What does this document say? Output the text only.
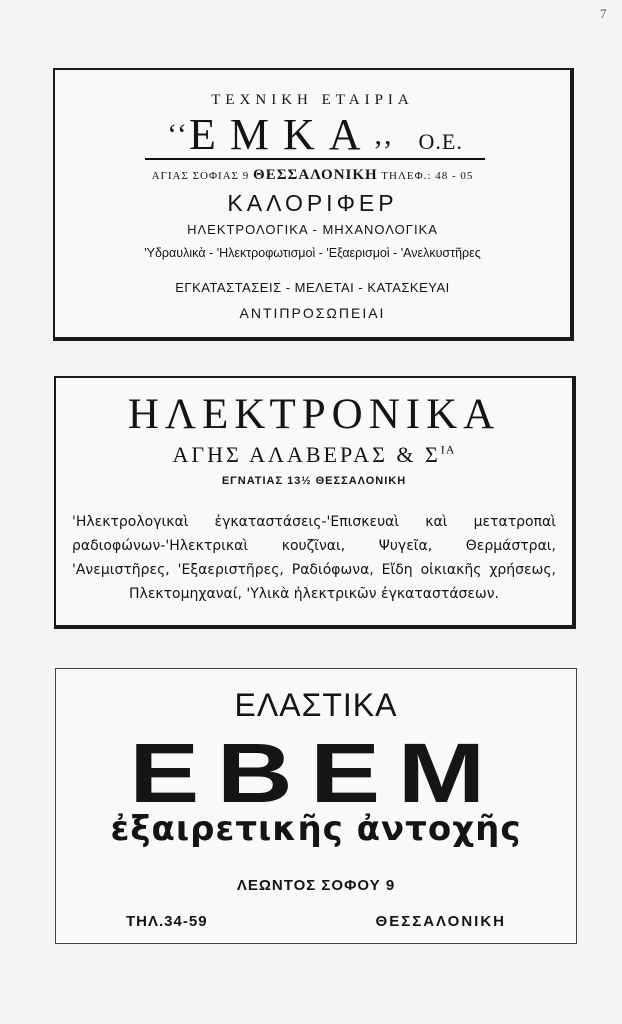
7
ΤΕΧΝΙΚΗ ΕΤΑΙΡΙΑ
‘‘ΕΜΚΑ,, Ο.Ε.
ΑΓΙΑΣ ΣΟΦΙΑΣ 9 ΘΕΣΣΑΛΟΝΙΚΗ ΤΗΛΕΦ.: 48 - 05
ΚΑΛΟΡΙΦΕΡ
ΗΛΕΚΤΡΟΛΟΓΙΚΑ - ΜΗΧΑΝΟΛΟΓΙΚΑ
'Υδραυλικὰ - 'Ηλεκτροφωτισμοὶ - 'Εξαερισμοὶ - 'Ανελκυστῆρες
ΕΓΚΑΤΑΣΤΑΣΕΙΣ - ΜΕΛΕΤΑΙ - ΚΑΤΑΣΚΕΥΑΙ
ΑΝΤΙΠΡΟΣΩΠΕΙΑΙ
ΗΛΕΚΤΡΟΝΙΚΑ
ΑΓΗΣ ΑΛΑΒΕΡΑΣ & $\Sigma^{IA}$
ΕΓΝΑΤΙΑΣ 13½ ΘΕΣΣΑΛΟΝΙΚΗ
'Ηλεκτρολογικαὶ ἐγκαταστάσεις-'Επισκευαὶ καὶ μετατροπαὶ ραδιοφώνων-'Ηλεκτρικαὶ κουζῖναι, Ψυγεῖα, Θερμάστραι, 'Ανεμιστῆρες, 'Εξαεριστῆρες, Ραδιόφωνα, Εἴδη οἰκιακῆς χρήσεως, Πλεκτομηχαναί, 'Υλικὰ ἠλεκτρικῶν ἐγκαταστάσεων.
ΕΛΑΣΤΙΚΑ
ΕΒΕΜ
ἐξαιρετικῆς ἀντοχῆς
ΛΕΩΝΤΟΣ ΣΟΦΟΥ 9
ΤΗΛ.34-59	ΘΕΣΣΑΛΟΝΙΚΗ
